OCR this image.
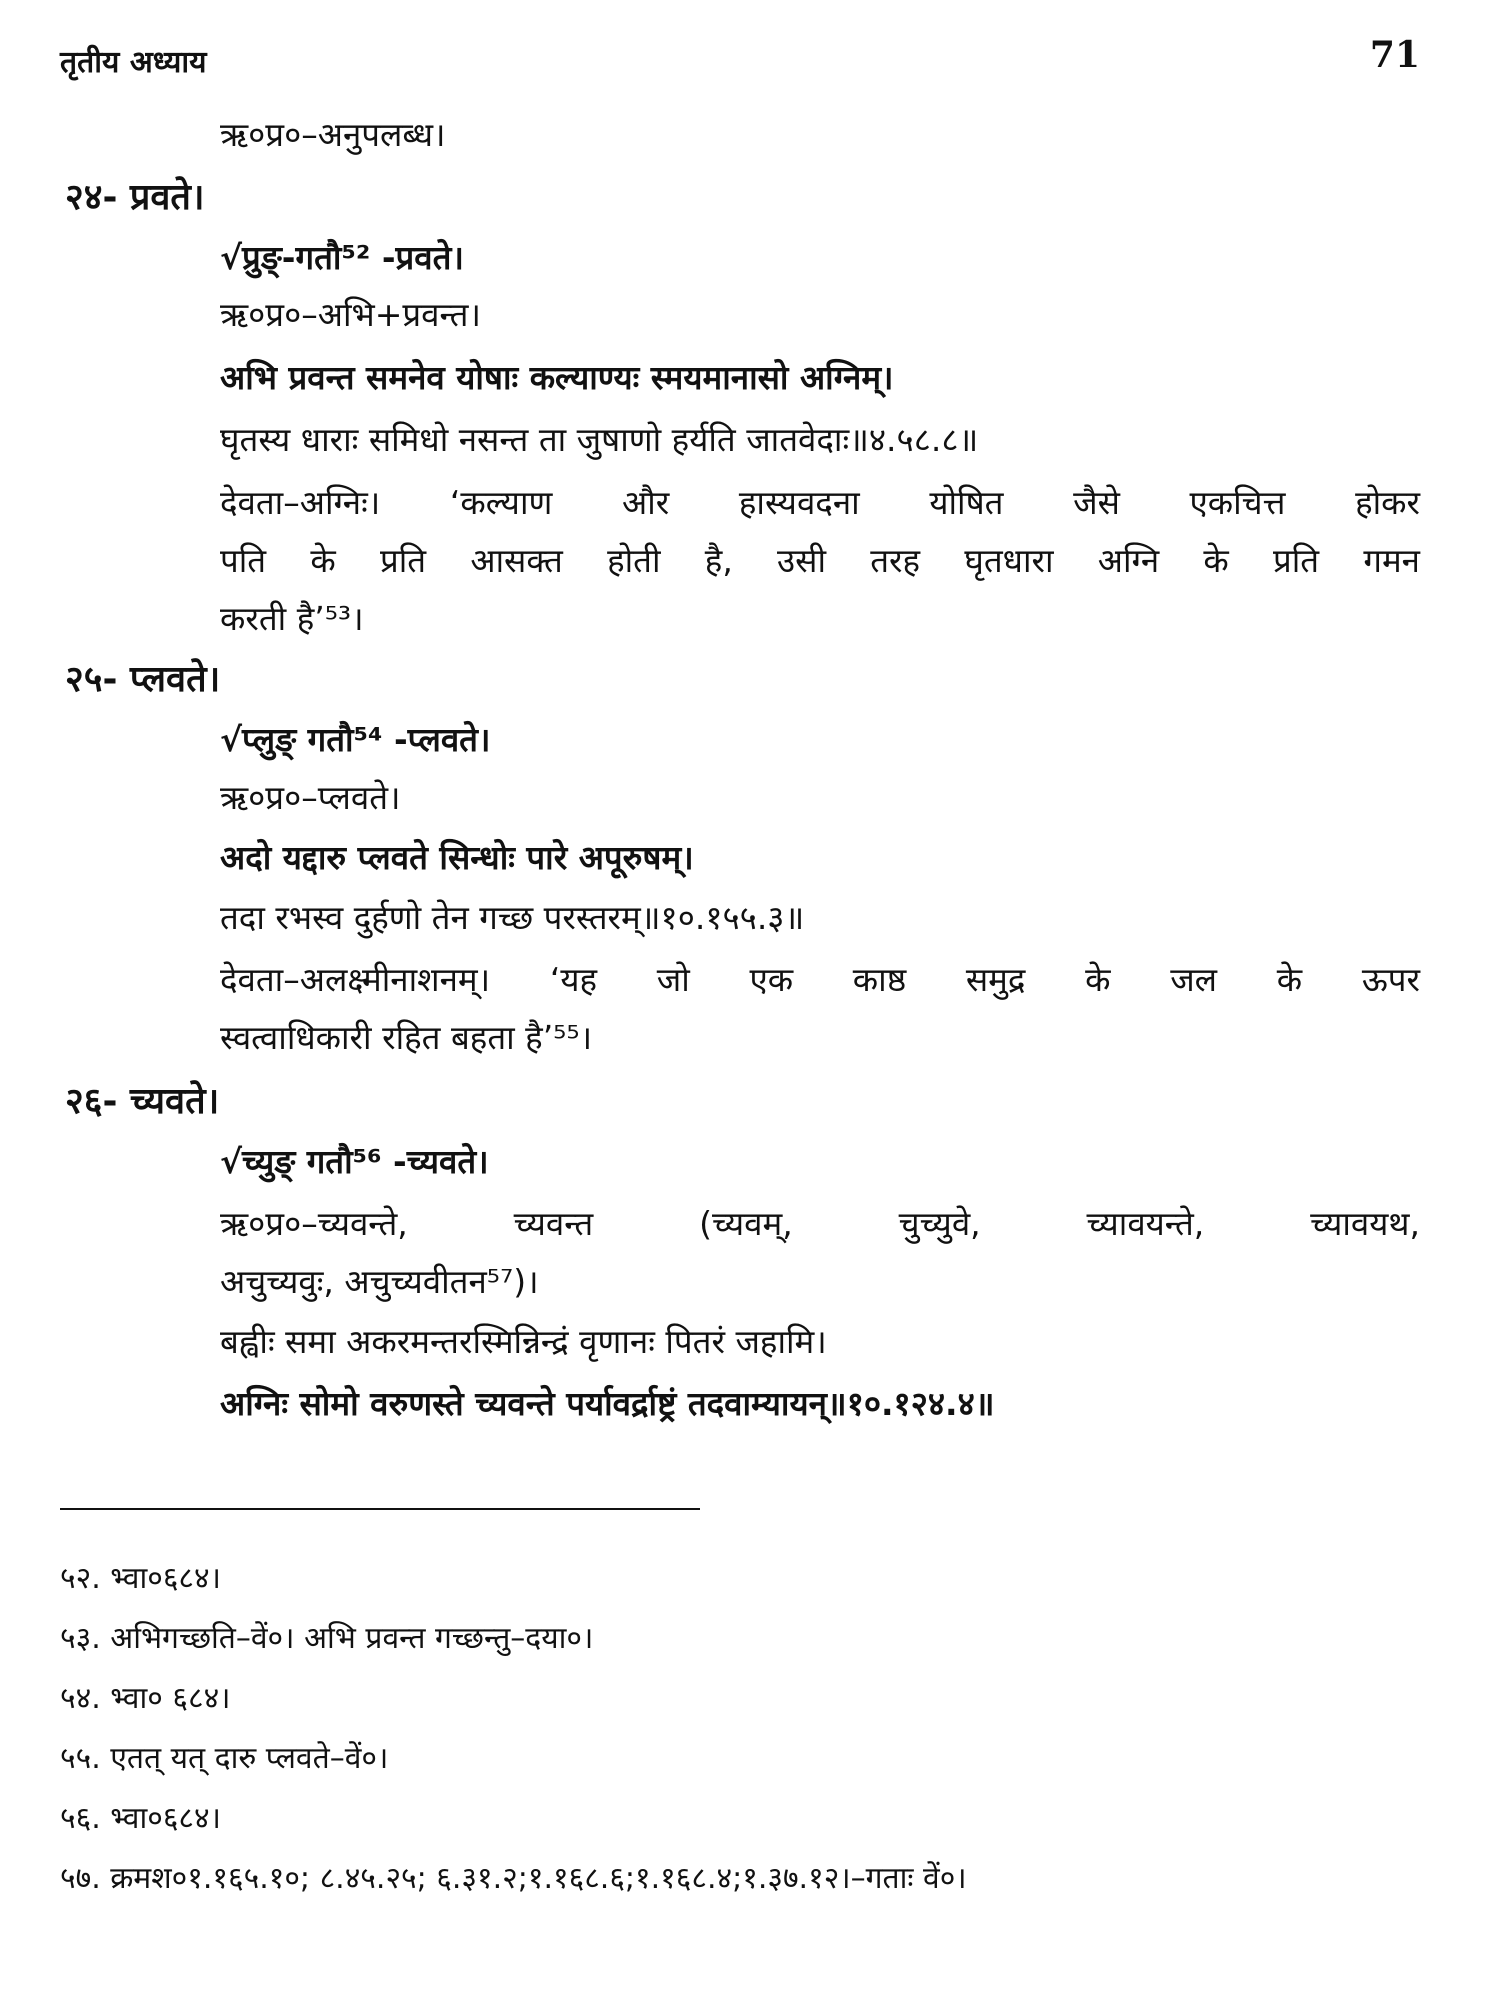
तृतीय अध्याय	71
ऋ०प्र०–अनुपलब्ध।
२४- प्रवते।
√प्रुङ्-गतौ⁵² -प्रवते।
ऋ०प्र०–अभि+प्रवन्त।
अभि प्रवन्त समनेव योषाः कल्याण्यः स्मयमानासो अग्निम्।
घृतस्य धाराः समिधो नसन्त ता जुषाणो हर्यति जातवेदाः॥४.५८.८॥
देवता–अग्निः। ‘कल्याण और हास्यवदना योषित जैसे एकचित्त होकर
पति के प्रति आसक्त होती है, उसी तरह घृतधारा अग्नि के प्रति गमन
करती है’⁵³।
२५- प्लवते।
√प्लुङ् गतौ⁵⁴ -प्लवते।
ऋ०प्र०–प्लवते।
अदो यद्दारु प्लवते सिन्धोः पारे अपूरुषम्।
तदा रभस्व दुर्हणो तेन गच्छ परस्तरम्॥१०.१५५.३॥
देवता–अलक्ष्मीनाशनम्। ‘यह जो एक काष्ठ समुद्र के जल के ऊपर
स्वत्वाधिकारी रहित बहता है’⁵⁵।
२६- च्यवते।
√च्युङ् गतौ⁵⁶ -च्यवते।
ऋ०प्र०–च्यवन्ते, च्यवन्त (च्यवम्, चुच्युवे, च्यावयन्ते, च्यावयथ,
अचुच्यवुः, अचुच्यवीतन⁵⁷)।
बह्वीः समा अकरमन्तरस्मिन्निन्द्रं वृणानः पितरं जहामि।
अग्निः सोमो वरुणस्ते च्यवन्ते पर्यावर्द्राष्ट्रं तदवाम्यायन्॥१०.१२४.४॥
५२. भ्वा०६८४।
५३. अभिगच्छति–वें०। अभि प्रवन्त गच्छन्तु–दया०।
५४. भ्वा० ६८४।
५५. एतत् यत् दारु प्लवते–वें०।
५६. भ्वा०६८४।
५७. क्रमश०१.१६५.१०; ८.४५.२५; ६.३१.२;१.१६८.६;१.१६८.४;१.३७.१२।–गताः वें०।
